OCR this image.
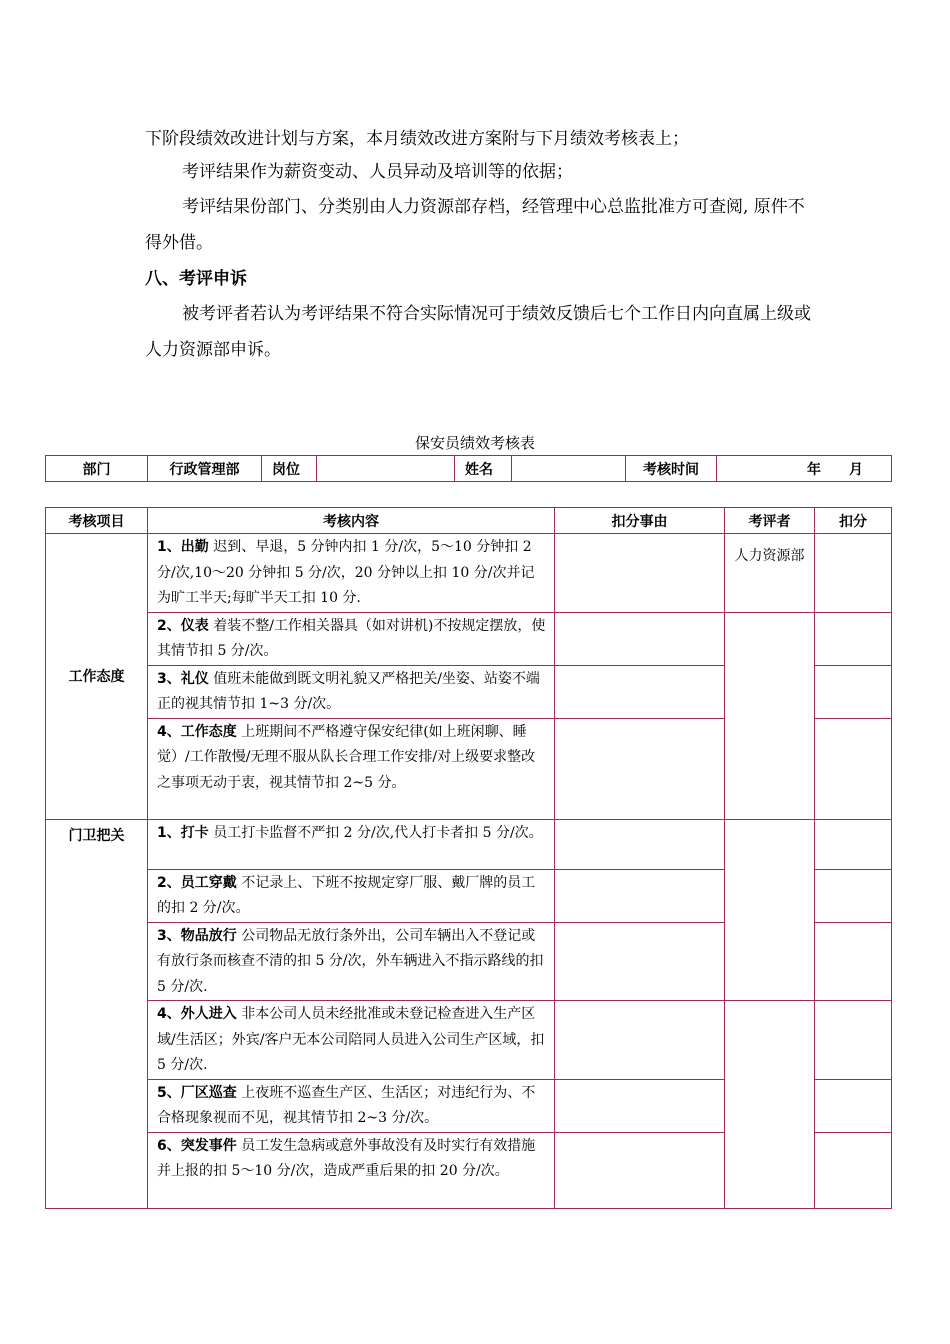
下阶段绩效改进计划与方案，本月绩效改进方案附与下月绩效考核表上；
考评结果作为薪资变动、人员异动及培训等的依据；
考评结果份部门、分类别由人力资源部存档，经管理中心总监批准方可查阅, 原件不得外借。
八、考评申诉
被考评者若认为考评结果不符合实际情况可于绩效反馈后七个工作日内向直属上级或人力资源部申诉。
保安员绩效考核表
部门	行政管理部	岗位		姓名		考核时间	年 月
考核项目	考核内容	扣分事由	考评者	扣分
工作态度	1、出勤 迟到、早退，5 分钟内扣 1 分/次，5～10 分钟扣 2 分/次,10～20 分钟扣 5 分/次，20 分钟以上扣 10 分/次并记为旷工半天;每旷半天工扣 10 分.		人力资源部	
	2、仪表 着装不整/工作相关器具（如对讲机)不按规定摆放，使其情节扣 5 分/次。			
	3、礼仪 值班未能做到既文明礼貌又严格把关/坐姿、站姿不端正的视其情节扣 1~3 分/次。			
	4、工作态度 上班期间不严格遵守保安纪律(如上班闲聊、睡觉）/工作散慢/无理不服从队长合理工作安排/对上级要求整改之事项无动于衷，视其情节扣 2~5 分。			
门卫把关	1、打卡 员工打卡监督不严扣 2 分/次,代人打卡者扣 5 分/次。			
	2、员工穿戴 不记录上、下班不按规定穿厂服、戴厂牌的员工的扣 2 分/次。			
	3、物品放行 公司物品无放行条外出，公司车辆出入不登记或有放行条而核查不清的扣 5 分/次，外车辆进入不指示路线的扣 5 分/次.			
	4、外人进入 非本公司人员未经批准或未登记检查进入生产区域/生活区；外宾/客户无本公司陪同人员进入公司生产区域，扣 5 分/次.			
	5、厂区巡查 上夜班不巡查生产区、生活区；对违纪行为、不合格现象视而不见，视其情节扣 2~3 分/次。			
	6、突发事件 员工发生急病或意外事故没有及时实行有效措施并上报的扣 5～10 分/次，造成严重后果的扣 20 分/次。			
